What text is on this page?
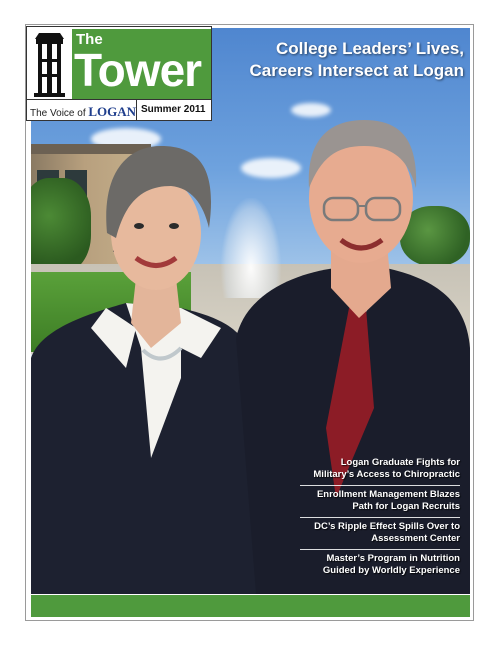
The
Tower
The Voice of LOGAN Summer 2011
College Leaders’ Lives,
Careers Intersect at Logan
Logan Graduate Fights for
Military’s Access to Chiropractic
Enrollment Management Blazes
Path for Logan Recruits
DC’s Ripple Effect Spills Over to
Assessment Center
Master’s Program in Nutrition
Guided by Worldly Experience
